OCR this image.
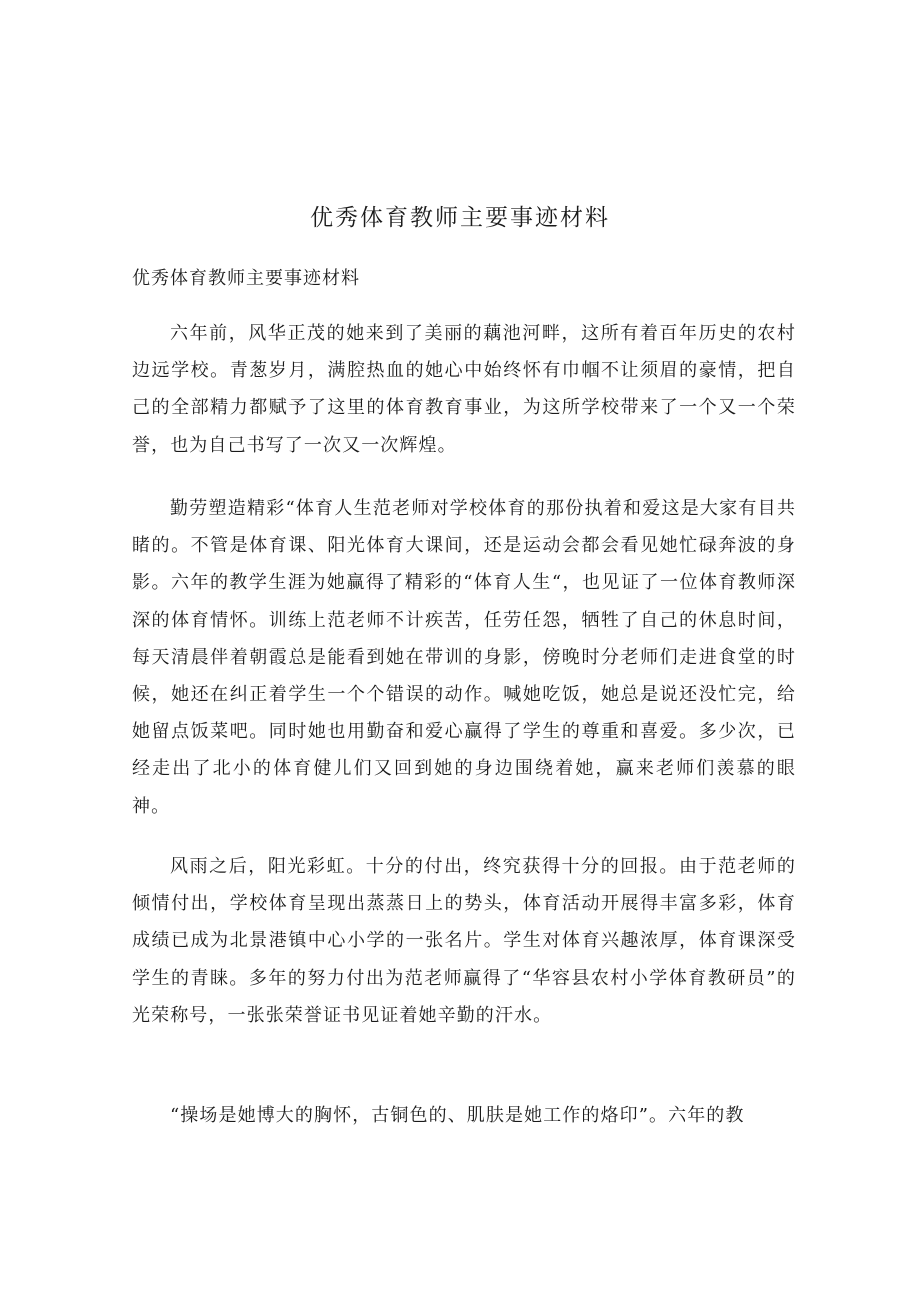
优秀体育教师主要事迹材料

优秀体育教师主要事迹材料

六年前，风华正茂的她来到了美丽的藕池河畔，这所有着百年历史的农村边远学校。青葱岁月，满腔热血的她心中始终怀有巾帼不让须眉的豪情，把自己的全部精力都赋予了这里的体育教育事业，为这所学校带来了一个又一个荣誉，也为自己书写了一次又一次辉煌。

勤劳塑造精彩“体育人生范老师对学校体育的那份执着和爱这是大家有目共睹的。不管是体育课、阳光体育大课间，还是运动会都会看见她忙碌奔波的身影。六年的教学生涯为她赢得了精彩的“体育人生“，也见证了一位体育教师深深的体育情怀。训练上范老师不计疾苦，任劳任怨，牺牲了自己的休息时间，每天清晨伴着朝霞总是能看到她在带训的身影，傍晚时分老师们走进食堂的时候，她还在纠正着学生一个个错误的动作。喊她吃饭，她总是说还没忙完，给她留点饭菜吧。同时她也用勤奋和爱心赢得了学生的尊重和喜爱。多少次，已经走出了北小的体育健儿们又回到她的身边围绕着她，赢来老师们羡慕的眼神。

风雨之后，阳光彩虹。十分的付出，终究获得十分的回报。由于范老师的倾情付出，学校体育呈现出蒸蒸日上的势头，体育活动开展得丰富多彩，体育成绩已成为北景港镇中心小学的一张名片。学生对体育兴趣浓厚，体育课深受学生的青睐。多年的努力付出为范老师赢得了“华容县农村小学体育教研员”的光荣称号，一张张荣誉证书见证着她辛勤的汗水。

“操场是她博大的胸怀，古铜色的、肌肤是她工作的烙印”。六年的教
